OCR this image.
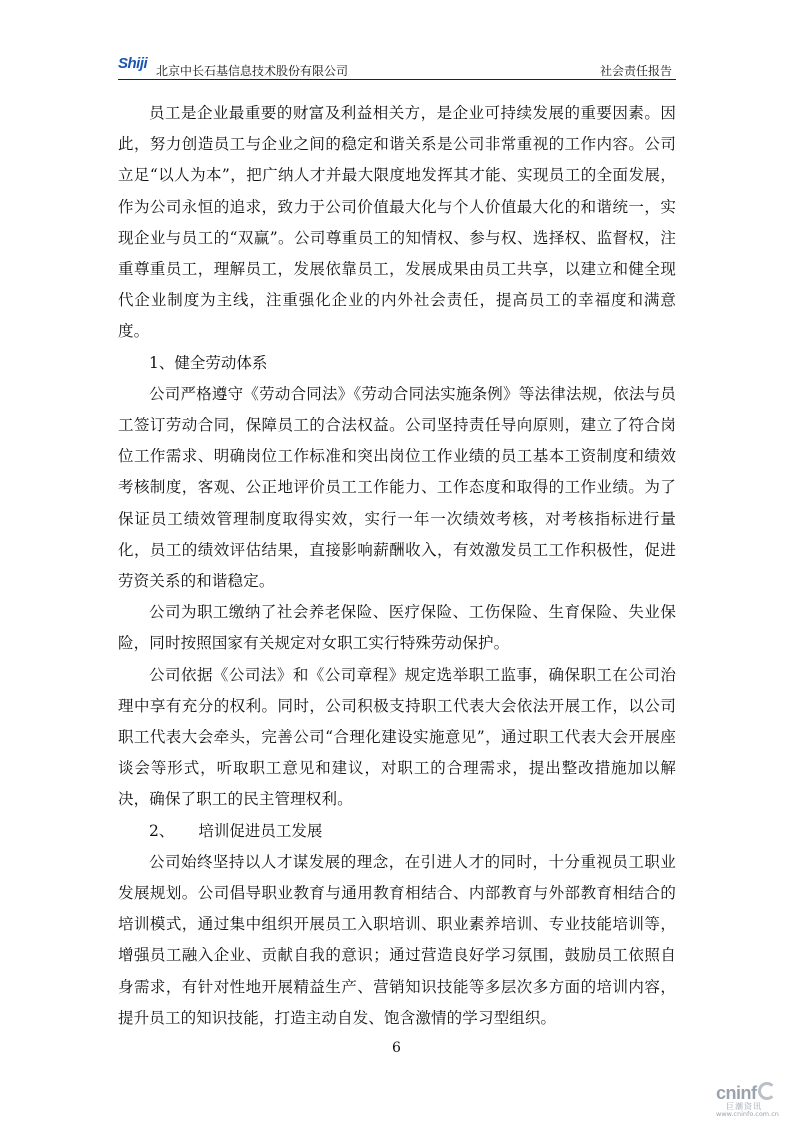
Shiji 北京中长石基信息技术股份有限公司	社会责任报告

员工是企业最重要的财富及利益相关方，是企业可持续发展的重要因素。因此，努力创造员工与企业之间的稳定和谐关系是公司非常重视的工作内容。公司立足“以人为本”，把广纳人才并最大限度地发挥其才能、实现员工的全面发展，作为公司永恒的追求，致力于公司价值最大化与个人价值最大化的和谐统一，实现企业与员工的“双赢”。公司尊重员工的知情权、参与权、选择权、监督权，注重尊重员工，理解员工，发展依靠员工，发展成果由员工共享，以建立和健全现代企业制度为主线，注重强化企业的内外社会责任，提高员工的幸福度和满意度。

1、健全劳动体系

公司严格遵守《劳动合同法》《劳动合同法实施条例》等法律法规，依法与员工签订劳动合同，保障员工的合法权益。公司坚持责任导向原则，建立了符合岗位工作需求、明确岗位工作标准和突出岗位工作业绩的员工基本工资制度和绩效考核制度，客观、公正地评价员工工作能力、工作态度和取得的工作业绩。为了保证员工绩效管理制度取得实效，实行一年一次绩效考核，对考核指标进行量化，员工的绩效评估结果，直接影响薪酬收入，有效激发员工工作积极性，促进劳资关系的和谐稳定。

公司为职工缴纳了社会养老保险、医疗保险、工伤保险、生育保险、失业保险，同时按照国家有关规定对女职工实行特殊劳动保护。

公司依据《公司法》和《公司章程》规定选举职工监事，确保职工在公司治理中享有充分的权利。同时，公司积极支持职工代表大会依法开展工作，以公司职工代表大会牵头，完善公司“合理化建设实施意见”，通过职工代表大会开展座谈会等形式，听取职工意见和建议，对职工的合理需求，提出整改措施加以解决，确保了职工的民主管理权利。

2、 培训促进员工发展

公司始终坚持以人才谋发展的理念，在引进人才的同时，十分重视员工职业发展规划。公司倡导职业教育与通用教育相结合、内部教育与外部教育相结合的培训模式，通过集中组织开展员工入职培训、职业素养培训、专业技能培训等，增强员工融入企业、贡献自我的意识；通过营造良好学习氛围，鼓励员工依照自身需求，有针对性地开展精益生产、营销知识技能等多层次多方面的培训内容，提升员工的知识技能，打造主动自发、饱含激情的学习型组织。

6
cninf
巨潮资讯
www.cninfo.com.cn
